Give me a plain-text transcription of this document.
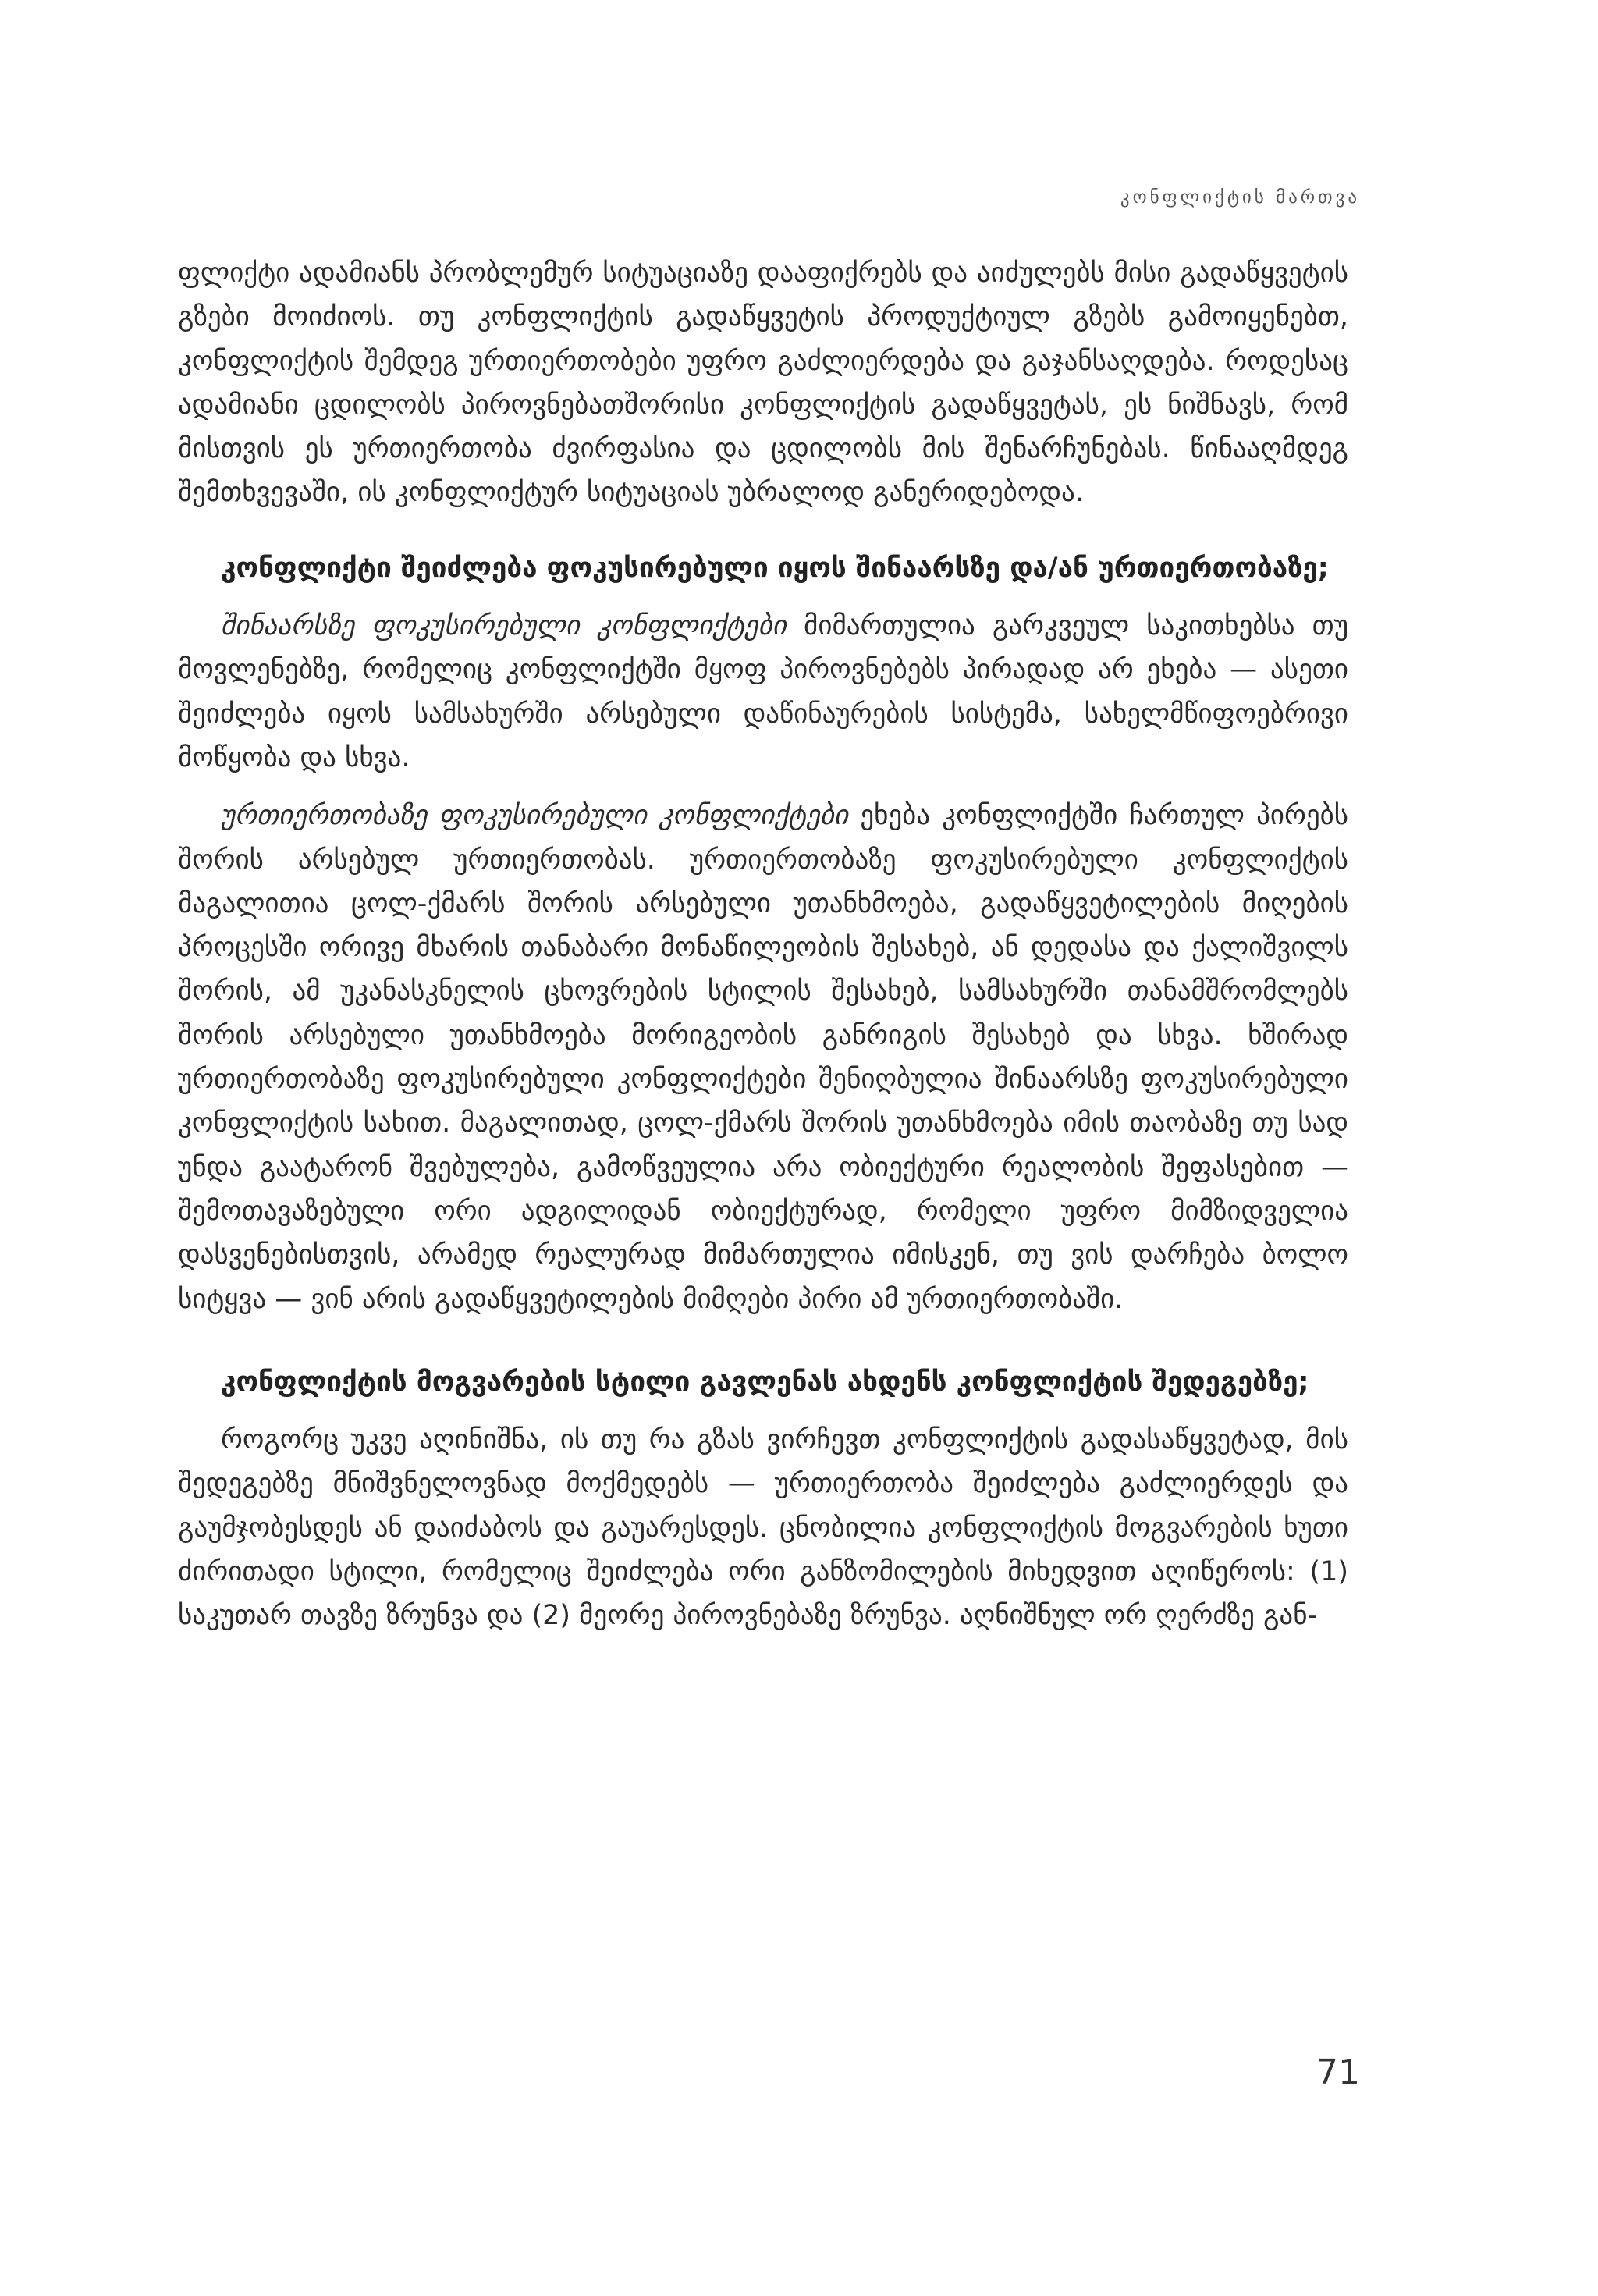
კონფლიქტის მართვა

ფლიქტი ადამიანს პრობლემურ სიტუაციაზე დააფიქრებს და აიძულებს მისი გადაწყვეტის გზები მოიძიოს. თუ კონფლიქტის გადაწყვეტის პროდუქტიულ გზებს გამოიყენებთ, კონფლიქტის შემდეგ ურთიერთობები უფრო გაძლიერდება და გაჯანსაღდება. როდესაც ადამიანი ცდილობს პიროვნებათშორისი კონფლიქტის გადაწყვეტას, ეს ნიშნავს, რომ მისთვის ეს ურთიერთობა ძვირფასია და ცდილობს მის შენარჩუნებას. წინააღმდეგ შემთხვევაში, ის კონფლიქტურ სიტუაციას უბრალოდ განერიდებოდა.

კონფლიქტი შეიძლება ფოკუსირებული იყოს შინაარსზე და/ან ურთიერთობაზე;

შინაარსზე ფოკუსირებული კონფლიქტები მიმართულია გარკვეულ საკითხებსა თუ მოვლენებზე, რომელიც კონფლიქტში მყოფ პიროვნებებს პირადად არ ეხება — ასეთი შეიძლება იყოს სამსახურში არსებული დაწინაურების სისტემა, სახელმწიფოებრივი მოწყობა და სხვა.

ურთიერთობაზე ფოკუსირებული კონფლიქტები ეხება კონფლიქტში ჩართულ პირებს შორის არსებულ ურთიერთობას. ურთიერთობაზე ფოკუსირებული კონფლიქტის მაგალითია ცოლ-ქმარს შორის არსებული უთანხმოება, გადაწყვეტილების მიღების პროცესში ორივე მხარის თანაბარი მონაწილეობის შესახებ, ან დედასა და ქალიშვილს შორის, ამ უკანასკნელის ცხოვრების სტილის შესახებ, სამსახურში თანამშრომლებს შორის არსებული უთანხმოება მორიგეობის განრიგის შესახებ და სხვა. ხშირად ურთიერთობაზე ფოკუსირებული კონფლიქტები შენიღბულია შინაარსზე ფოკუსირებული კონფლიქტის სახით. მაგალითად, ცოლ-ქმარს შორის უთანხმოება იმის თაობაზე თუ სად უნდა გაატარონ შვებულება, გამოწვეულია არა ობიექტური რეალობის შეფასებით — შემოთავაზებული ორი ადგილიდან ობიექტურად, რომელი უფრო მიმზიდველია დასვენებისთვის, არამედ რეალურად მიმართულია იმისკენ, თუ ვის დარჩება ბოლო სიტყვა — ვინ არის გადაწყვეტილების მიმღები პირი ამ ურთიერთობაში.

კონფლიქტის მოგვარების სტილი გავლენას ახდენს კონფლიქტის შედეგებზე;

როგორც უკვე აღინიშნა, ის თუ რა გზას ვირჩევთ კონფლიქტის გადასაწყვეტად, მის შედეგებზე მნიშვნელოვნად მოქმედებს — ურთიერთობა შეიძლება გაძლიერდეს და გაუმჯობესდეს ან დაიძაბოს და გაუარესდეს. ცნობილია კონფლიქტის მოგვარების ხუთი ძირითადი სტილი, რომელიც შეიძლება ორი განზომილების მიხედვით აღიწეროს: (1) საკუთარ თავზე ზრუნვა და (2) მეორე პიროვნებაზე ზრუნვა. აღნიშნულ ორ ღერძზე გან-

71
